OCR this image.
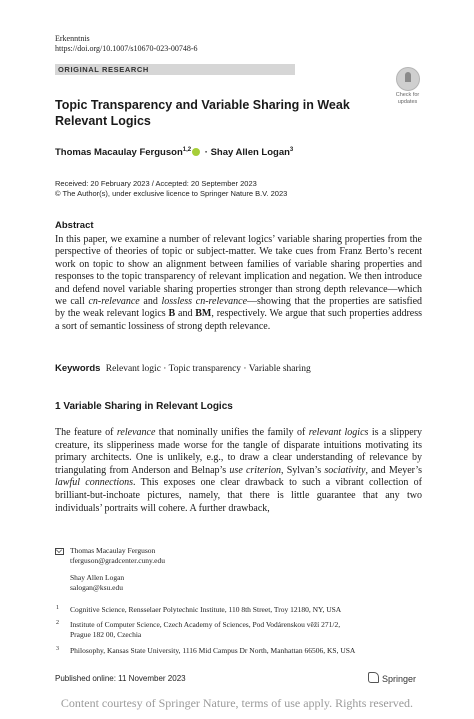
Erkenntnis
https://doi.org/10.1007/s10670-023-00748-6
ORIGINAL RESEARCH
Check for
updates
Topic Transparency and Variable Sharing in Weak Relevant Logics
Thomas Macaulay Ferguson$^{1,2}$ · Shay Allen Logan$^3$
Received: 20 February 2023 / Accepted: 20 September 2023
© The Author(s), under exclusive licence to Springer Nature B.V. 2023
Abstract
In this paper, we examine a number of relevant logics’ variable sharing properties from the perspective of theories of topic or subject-matter. We take cues from Franz Berto’s recent work on topic to show an alignment between families of variable sharing properties and responses to the topic transparency of relevant implication and negation. We then introduce and defend novel variable sharing properties stronger than strong depth relevance—which we call cn-relevance and lossless cn-relevance—showing that the properties are satisfied by the weak relevant logics B and BM, respectively. We argue that such properties address a sort of semantic lossiness of strong depth relevance.
Keywords Relevant logic · Topic transparency · Variable sharing
1 Variable Sharing in Relevant Logics
The feature of relevance that nominally unifies the family of relevant logics is a slippery creature, its slipperiness made worse for the tangle of disparate intuitions motivating its primary architects. One is unlikely, e.g., to draw a clear understanding of relevance by triangulating from Anderson and Belnap’s use criterion, Sylvan’s sociativity, and Meyer’s lawful connections. This exposes one clear drawback to such a vibrant collection of brilliant-but-inchoate pictures, namely, that there is little guarantee that any two individuals’ portraits will cohere. A further drawback,
Thomas Macaulay Ferguson
tferguson@gradcenter.cuny.edu
Shay Allen Logan
salogan@ksu.edu
1 Cognitive Science, Rensselaer Polytechnic Institute, 110 8th Street, Troy 12180, NY, USA
2 Institute of Computer Science, Czech Academy of Sciences, Pod Vodárenskou věží 271/2,
Prague 182 00, Czechia
3 Philosophy, Kansas State University, 1116 Mid Campus Dr North, Manhattan 66506, KS, USA
Published online: 11 November 2023	Springer
Content courtesy of Springer Nature, terms of use apply. Rights reserved.
